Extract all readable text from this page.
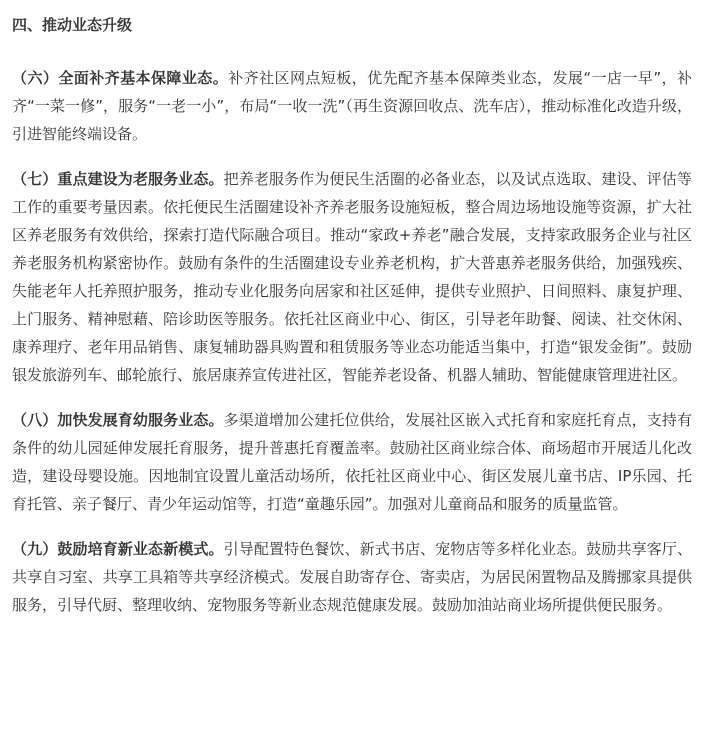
四、推动业态升级

（六）全面补齐基本保障业态。补齐社区网点短板，优先配齐基本保障类业态，发展“一店一早”，补齐“一菜一修”，服务“一老一小”，布局“一收一洗”（再生资源回收点、洗车店），推动标准化改造升级，引进智能终端设备。

（七）重点建设为老服务业态。把养老服务作为便民生活圈的必备业态，以及试点选取、建设、评估等工作的重要考量因素。依托便民生活圈建设补齐养老服务设施短板，整合周边场地设施等资源，扩大社区养老服务有效供给，探索打造代际融合项目。推动“家政+养老”融合发展，支持家政服务企业与社区养老服务机构紧密协作。鼓励有条件的生活圈建设专业养老机构，扩大普惠养老服务供给，加强残疾、失能老年人托养照护服务，推动专业化服务向居家和社区延伸，提供专业照护、日间照料、康复护理、上门服务、精神慰藉、陪诊助医等服务。依托社区商业中心、街区，引导老年助餐、阅读、社交休闲、康养理疗、老年用品销售、康复辅助器具购置和租赁服务等业态功能适当集中，打造“银发金街”。鼓励银发旅游列车、邮轮旅行、旅居康养宣传进社区，智能养老设备、机器人辅助、智能健康管理进社区。

（八）加快发展育幼服务业态。多渠道增加公建托位供给，发展社区嵌入式托育和家庭托育点，支持有条件的幼儿园延伸发展托育服务，提升普惠托育覆盖率。鼓励社区商业综合体、商场超市开展适儿化改造，建设母婴设施。因地制宜设置儿童活动场所，依托社区商业中心、街区发展儿童书店、IP乐园、托育托管、亲子餐厅、青少年运动馆等，打造“童趣乐园”。加强对儿童商品和服务的质量监管。

（九）鼓励培育新业态新模式。引导配置特色餐饮、新式书店、宠物店等多样化业态。鼓励共享客厅、共享自习室、共享工具箱等共享经济模式。发展自助寄存仓、寄卖店，为居民闲置物品及腾挪家具提供服务，引导代厨、整理收纳、宠物服务等新业态规范健康发展。鼓励加油站商业场所提供便民服务。
